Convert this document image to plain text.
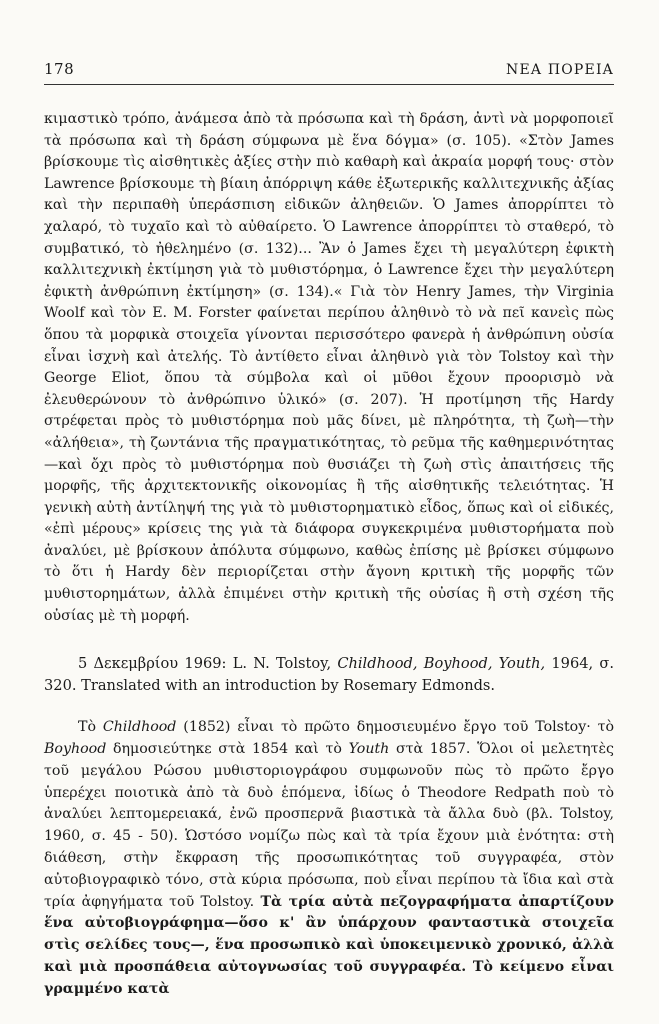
178	ΝΕΑ ΠΟΡΕΙΑ

κιμαστικὸ τρόπο, ἀνάμεσα ἀπὸ τὰ πρόσωπα καὶ τὴ δράση, ἀντὶ νὰ μορφοποιεῖ τὰ πρόσωπα καὶ τὴ δράση σύμφωνα μὲ ἕνα δόγμα» (σ. 105). «Στὸν James βρίσκουμε τὶς αἰσθητικὲς ἀξίες στὴν πιὸ καθαρὴ καὶ ἀκραία μορφή τους· στὸν Lawrence βρίσκουμε τὴ βίαιη ἀπόρριψη κάθε ἐξωτερικῆς καλλιτεχνικῆς ἀξίας καὶ τὴν περιπαθὴ ὑπεράσπιση εἰδικῶν ἀληθειῶν. Ὁ James ἀπορρίπτει τὸ χαλαρό, τὸ τυχαῖο καὶ τὸ αὐθαίρετο. Ὁ Lawrence ἀπορρίπτει τὸ σταθερό, τὸ συμβατικό, τὸ ἠθελημένο (σ. 132)... Ἂν ὁ James ἔχει τὴ μεγαλύτερη ἐφικτὴ καλλιτεχνικὴ ἐκτίμηση γιὰ τὸ μυθιστόρημα, ὁ Lawrence ἔχει τὴν μεγαλύτερη ἐφικτὴ ἀνθρώπινη ἐκτίμηση» (σ. 134).« Γιὰ τὸν Henry James, τὴν Virginia Woolf καὶ τὸν E. M. Forster φαίνεται περίπου ἀληθινὸ τὸ νὰ πεῖ κανεὶς πὼς ὅπου τὰ μορφικὰ στοιχεῖα γίνονται περισσότερο φανερὰ ἡ ἀνθρώπινη οὐσία εἶναι ἰσχνὴ καὶ ἀτελής. Τὸ ἀντίθετο εἶναι ἀληθινὸ γιὰ τὸν Tolstoy καὶ τὴν George Eliot, ὅπου τὰ σύμβολα καὶ οἱ μῦθοι ἔχουν προορισμὸ νὰ ἐλευθερώνουν τὸ ἀνθρώπινο ὑλικό» (σ. 207). Ἡ προτίμηση τῆς Hardy στρέφεται πρὸς τὸ μυθιστόρημα ποὺ μᾶς δίνει, μὲ πληρότητα, τὴ ζωὴ—τὴν «ἀλήθεια», τὴ ζωντάνια τῆς πραγματικότητας, τὸ ρεῦμα τῆς καθημερινότητας—καὶ ὄχι πρὸς τὸ μυθιστόρημα ποὺ θυσιάζει τὴ ζωὴ στὶς ἀπαιτήσεις τῆς μορφῆς, τῆς ἀρχιτεκτονικῆς οἰκονομίας ἢ τῆς αἰσθητικῆς τελειότητας. Ἡ γενικὴ αὐτὴ ἀντίληψή της γιὰ τὸ μυθιστορηματικὸ εἶδος, ὅπως καὶ οἱ εἰδικές, «ἐπὶ μέρους» κρίσεις της γιὰ τὰ διάφορα συγκεκριμένα μυθιστορήματα ποὺ ἀναλύει, μὲ βρίσκουν ἀπόλυτα σύμφωνο, καθὼς ἐπίσης μὲ βρίσκει σύμφωνο τὸ ὅτι ἡ Hardy δὲν περιορίζεται στὴν ἄγονη κριτικὴ τῆς μορφῆς τῶν μυθιστορημάτων, ἀλλὰ ἐπιμένει στὴν κριτικὴ τῆς οὐσίας ἢ στὴ σχέση τῆς οὐσίας μὲ τὴ μορφή.

5 Δεκεμβρίου 1969: L. N. Tolstoy, Childhood, Boyhood, Youth, 1964, σ. 320. Translated with an introduction by Rosemary Edmonds.
Τὸ Childhood (1852) εἶναι τὸ πρῶτο δημοσιευμένο ἔργο τοῦ Tolstoy· τὸ Boyhood δημοσιεύτηκε στὰ 1854 καὶ τὸ Youth στὰ 1857. Ὅλοι οἱ μελετητὲς τοῦ μεγάλου Ρώσου μυθιστοριογράφου συμφωνοῦν πὼς τὸ πρῶτο ἔργο ὑπερέχει ποιοτικὰ ἀπὸ τὰ δυὸ ἑπόμενα, ἰδίως ὁ Theodore Redpath ποὺ τὸ ἀναλύει λεπτομερειακά, ἐνῶ προσπερνᾶ βιαστικὰ τὰ ἄλλα δυὸ (βλ. Tolstoy, 1960, σ. 45 - 50). Ὡστόσο νομίζω πὼς καὶ τὰ τρία ἔχουν μιὰ ἑνότητα: στὴ διάθεση, στὴν ἔκφραση τῆς προσωπικότητας τοῦ συγγραφέα, στὸν αὐτοβιογραφικὸ τόνο, στὰ κύρια πρόσωπα, ποὺ εἶναι περίπου τὰ ἴδια καὶ στὰ τρία ἀφηγήματα τοῦ Tolstoy. Τὰ τρία αὐτὰ πεζογραφήματα ἀπαρτίζουν ἕνα αὐτοβιογράφημα—ὅσο κ' ἂν ὑπάρχουν φανταστικὰ στοιχεῖα στὶς σελίδες τους—, ἕνα προσωπικὸ καὶ ὑποκειμενικὸ χρονικό, ἀλλὰ καὶ μιὰ προσπάθεια αὐτογνωσίας τοῦ συγγραφέα. Τὸ κείμενο εἶναι γραμμένο κατὰ
